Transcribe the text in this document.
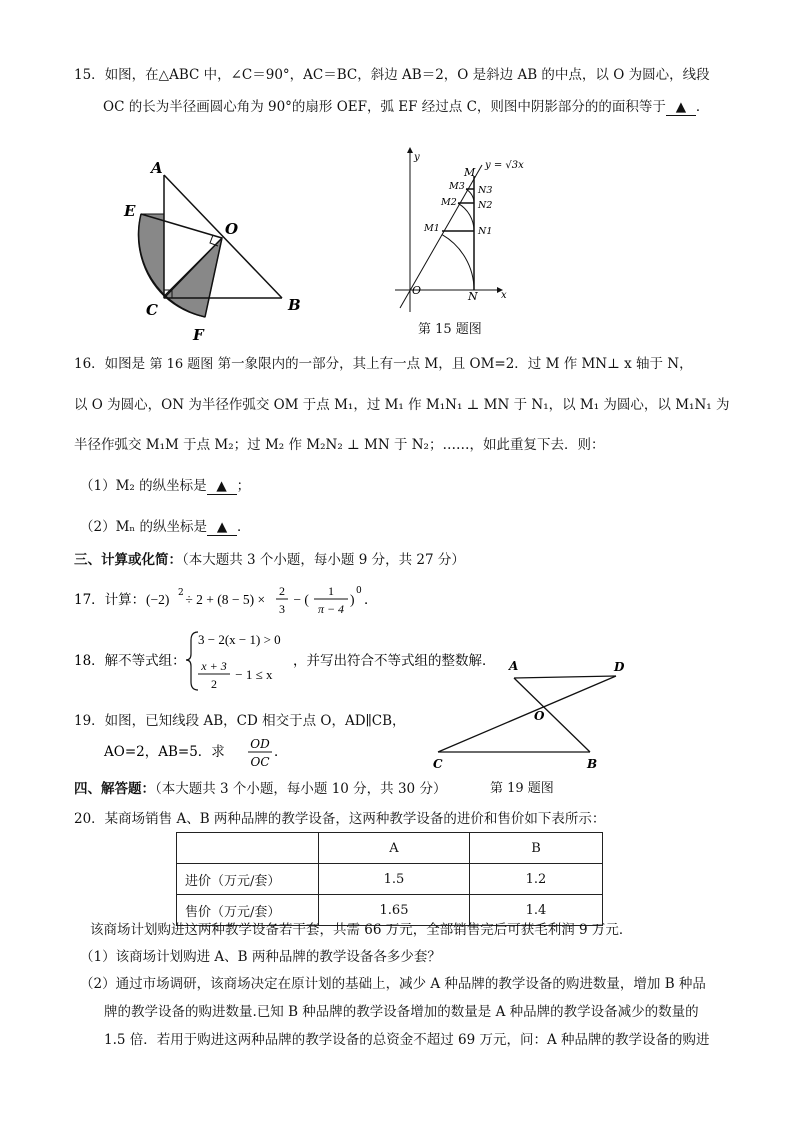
15．如图，在△ABC 中，∠C＝90°，AC＝BC，斜边 AB＝2，O 是斜边 AB 的中点，以 O 为圆心，线段
OC 的长为半径画圆心角为 90°的扇形 OEF，弧 EF 经过点 C，则图中阴影部分的的面积等于 ▲ ．
A
E
O
C	B
F
y
x
y = √3x
M
M3
M2
M1
N3
N2
N1
O	N
第 15 题图
16．如图是 第 16 题图 第一象限内的一部分，其上有一点 M，且 OM=2．过 M 作 MN⊥ x 轴于 N，
以 O 为圆心，ON 为半径作弧交 OM 于点 M₁，过 M₁ 作 M₁N₁ ⊥ MN 于 N₁，以 M₁ 为圆心，以 M₁N₁ 为
半径作弧交 M₁M 于点 M₂；过 M₂ 作 M₂N₂ ⊥ MN 于 N₂；……，如此重复下去．则：
（1）M₂ 的纵坐标是 ▲ ；
（2）Mₙ 的纵坐标是 ▲ ．
三、计算或化简：（本大题共 3 个小题，每小题 9 分，共 27 分）
17．计算： (−2) 2
÷ 2 + (8 − 5) ×
2
3
− (
1
π − 4
)
0
．
18．解不等式组：
3 − 2(x − 1) > 0
x + 3
2
− 1 ≤ x
，并写出符合不等式组的整数解． A	D
O
C	B
第 19 题图
19．如图，已知线段 AB，CD 相交于点 O，AD∥CB，
AO=2，AB=5．求 OD
OC
．
四、解答题：（本大题共 3 个小题，每小题 10 分，共 30 分）
20．某商场销售 A、B 两种品牌的教学设备，这两种教学设备的进价和售价如下表所示：
	A	B
进价（万元/套）	1.5	1.2
售价（万元/套）	1.65	1.4
该商场计划购进这两种教学设备若干套，共需 66 万元，全部销售完后可获毛利润 9 万元．
（1）该商场计划购进 A、B 两种品牌的教学设备各多少套？
（2）通过市场调研，该商场决定在原计划的基础上，减少 A 种品牌的教学设备的购进数量，增加 B 种品
牌的教学设备的购进数量.已知 B 种品牌的教学设备增加的数量是 A 种品牌的教学设备减少的数量的
1.5 倍．若用于购进这两种品牌的教学设备的总资金不超过 69 万元，问：A 种品牌的教学设备的购进
